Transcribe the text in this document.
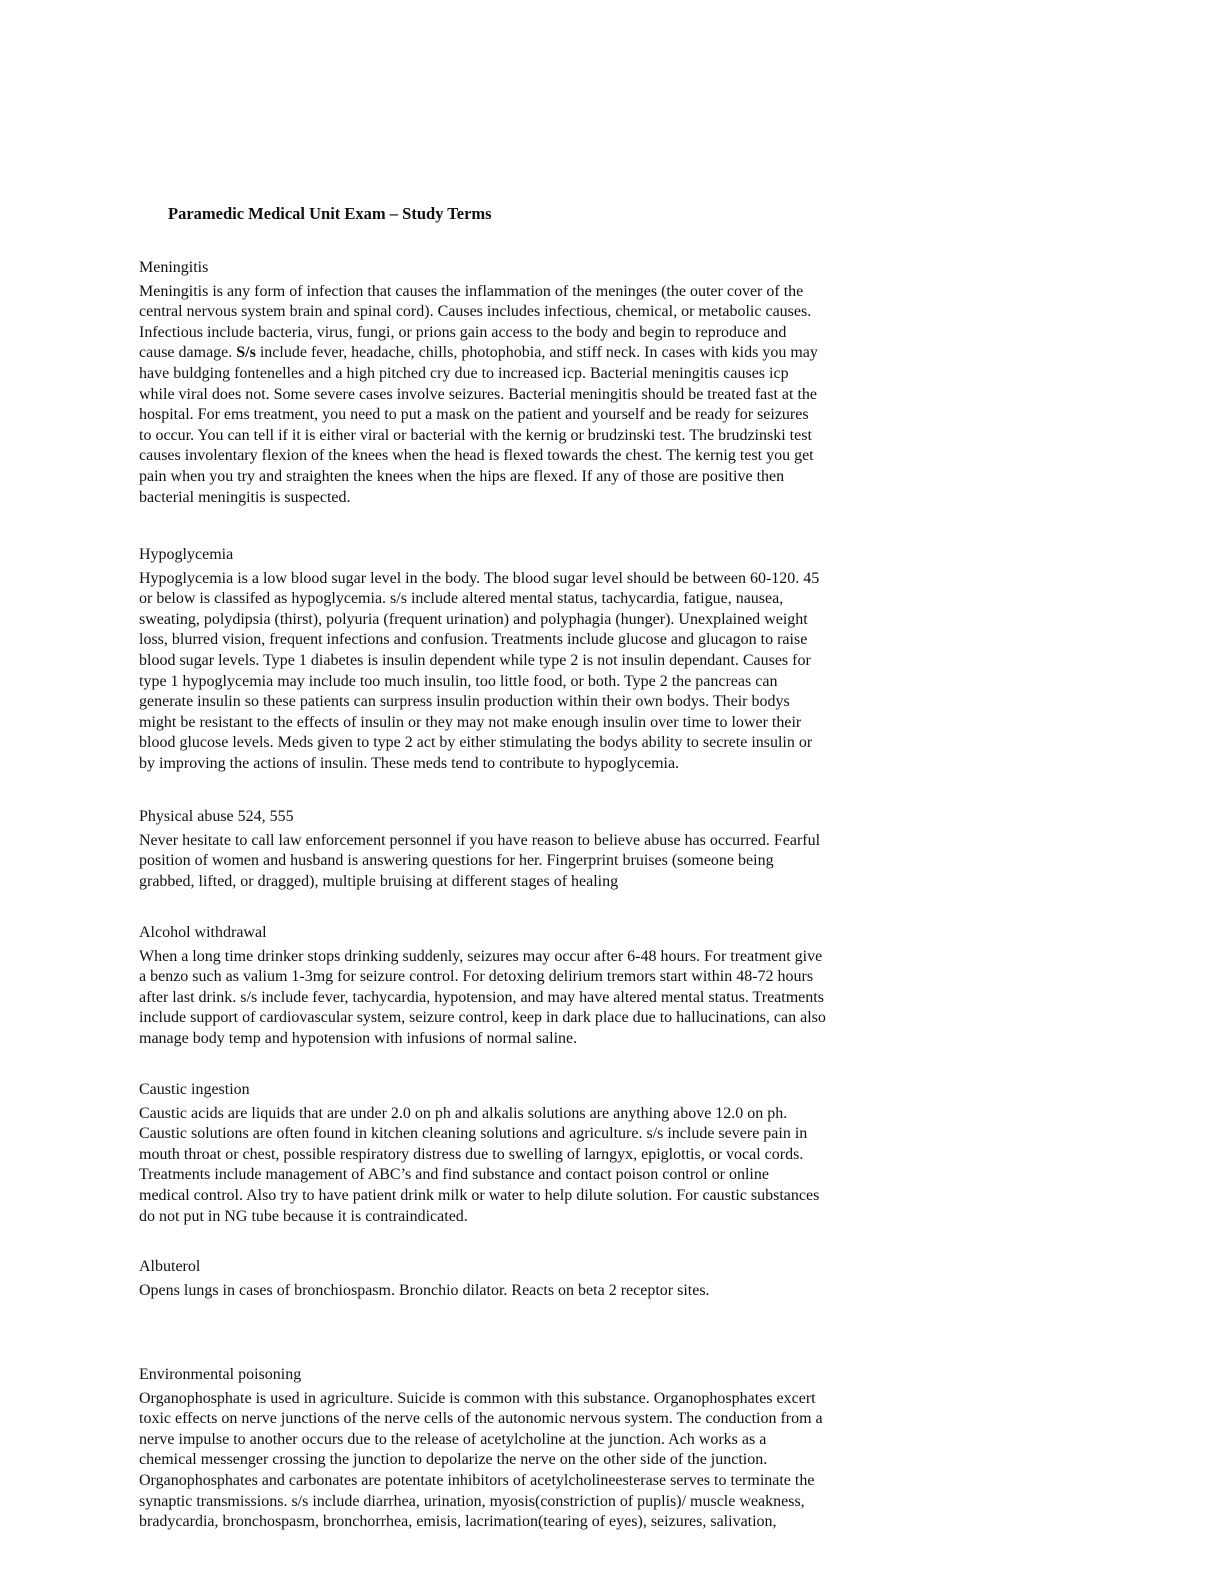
Paramedic Medical Unit Exam – Study Terms
Meningitis
Meningitis is any form of infection that causes the inflammation of the meninges (the outer cover of the
central nervous system brain and spinal cord). Causes includes infectious, chemical, or metabolic causes.
Infectious include bacteria, virus, fungi, or prions gain access to the body and begin to reproduce and
cause damage. S/s include fever, headache, chills, photophobia, and stiff neck. In cases with kids you may
have buldging fontenelles and a high pitched cry due to increased icp. Bacterial meningitis causes icp
while viral does not. Some severe cases involve seizures. Bacterial meningitis should be treated fast at the
hospital. For ems treatment, you need to put a mask on the patient and yourself and be ready for seizures
to occur. You can tell if it is either viral or bacterial with the kernig or brudzinski test. The brudzinski test
causes involentary flexion of the knees when the head is flexed towards the chest. The kernig test you get
pain when you try and straighten the knees when the hips are flexed. If any of those are positive then
bacterial meningitis is suspected.
Hypoglycemia
Hypoglycemia is a low blood sugar level in the body. The blood sugar level should be between 60-120. 45
or below is classifed as hypoglycemia. s/s include altered mental status, tachycardia, fatigue, nausea,
sweating, polydipsia (thirst), polyuria (frequent urination) and polyphagia (hunger). Unexplained weight
loss, blurred vision, frequent infections and confusion. Treatments include glucose and glucagon to raise
blood sugar levels. Type 1 diabetes is insulin dependent while type 2 is not insulin dependant. Causes for
type 1 hypoglycemia may include too much insulin, too little food, or both. Type 2 the pancreas can
generate insulin so these patients can surpress insulin production within their own bodys. Their bodys
might be resistant to the effects of insulin or they may not make enough insulin over time to lower their
blood glucose levels. Meds given to type 2 act by either stimulating the bodys ability to secrete insulin or
by improving the actions of insulin. These meds tend to contribute to hypoglycemia.
Physical abuse 524, 555
Never hesitate to call law enforcement personnel if you have reason to believe abuse has occurred. Fearful
position of women and husband is answering questions for her. Fingerprint bruises (someone being
grabbed, lifted, or dragged), multiple bruising at different stages of healing
Alcohol withdrawal
When a long time drinker stops drinking suddenly, seizures may occur after 6-48 hours. For treatment give
a benzo such as valium 1-3mg for seizure control. For detoxing delirium tremors start within 48-72 hours
after last drink. s/s include fever, tachycardia, hypotension, and may have altered mental status. Treatments
include support of cardiovascular system, seizure control, keep in dark place due to hallucinations, can also
manage body temp and hypotension with infusions of normal saline.
Caustic ingestion
Caustic acids are liquids that are under 2.0 on ph and alkalis solutions are anything above 12.0 on ph.
Caustic solutions are often found in kitchen cleaning solutions and agriculture. s/s include severe pain in
mouth throat or chest, possible respiratory distress due to swelling of larngyx, epiglottis, or vocal cords.
Treatments include management of ABC’s and find substance and contact poison control or online
medical control. Also try to have patient drink milk or water to help dilute solution. For caustic substances
do not put in NG tube because it is contraindicated.
Albuterol
Opens lungs in cases of bronchiospasm. Bronchio dilator. Reacts on beta 2 receptor sites.
Environmental poisoning
Organophosphate is used in agriculture. Suicide is common with this substance. Organophosphates excert
toxic effects on nerve junctions of the nerve cells of the autonomic nervous system. The conduction from a
nerve impulse to another occurs due to the release of acetylcholine at the junction. Ach works as a
chemical messenger crossing the junction to depolarize the nerve on the other side of the junction.
Organophosphates and carbonates are potentate inhibitors of acetylcholineesterase serves to terminate the
synaptic transmissions. s/s include diarrhea, urination, myosis(constriction of puplis)/ muscle weakness,
bradycardia, bronchospasm, bronchorrhea, emisis, lacrimation(tearing of eyes), seizures, salivation,
